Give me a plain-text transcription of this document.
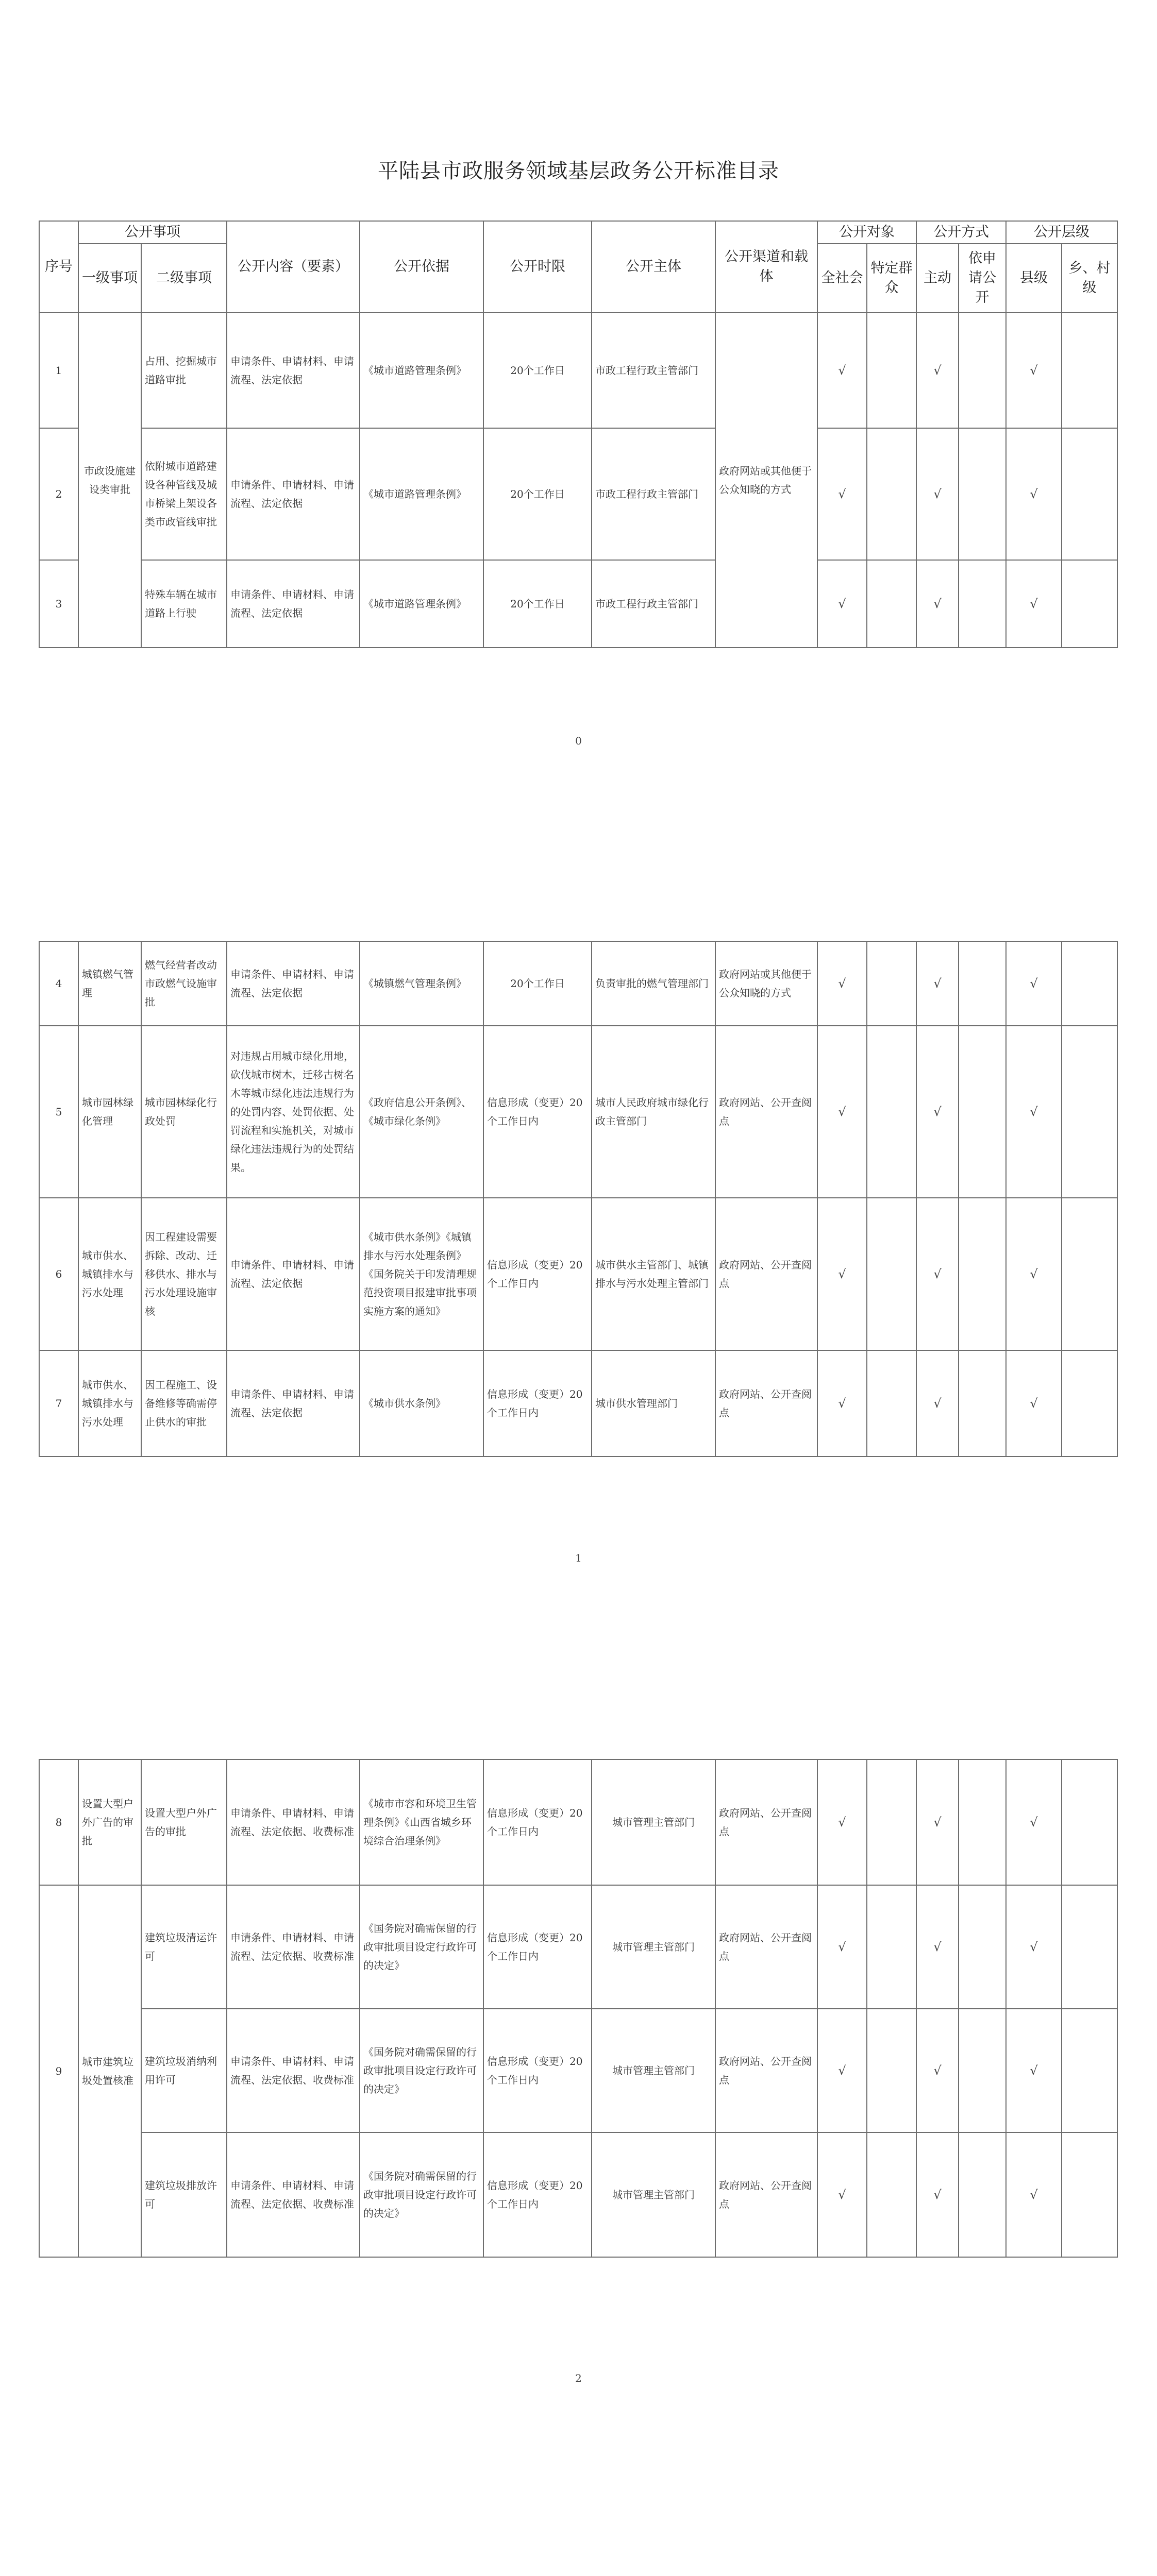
平陆县市政服务领域基层政务公开标准目录
序号	公开事项		公开内容（要素）	公开依据	公开时限	公开主体	公开渠道和载体	公开对象		公开方式		公开层级	
	一级事项	二级事项						全社会	特定群众	主动	依申请公开	县级	乡、村级
1	市政设施建设类审批	占用、挖掘城市道路审批	申请条件、申请材料、申请流程、法定依据	《城市道路管理条例》	20个工作日	市政工程行政主管部门	政府网站或其他便于公众知晓的方式	√		√		√	
2		依附城市道路建设各种管线及城市桥梁上架设各类市政管线审批	申请条件、申请材料、申请流程、法定依据	《城市道路管理条例》	20个工作日	市政工程行政主管部门		√		√		√	
3		特殊车辆在城市道路上行驶	申请条件、申请材料、申请流程、法定依据	《城市道路管理条例》	20个工作日	市政工程行政主管部门		√		√		√	
0
4	城镇燃气管理	燃气经营者改动市政燃气设施审批	申请条件、申请材料、申请流程、法定依据	《城镇燃气管理条例》	20个工作日	负责审批的燃气管理部门	政府网站或其他便于公众知晓的方式	√		√		√	
5	城市园林绿化管理	城市园林绿化行政处罚	对违规占用城市绿化用地，砍伐城市树木，迁移古树名木等城市绿化违法违规行为的处罚内容、处罚依据、处罚流程和实施机关，对城市绿化违法违规行为的处罚结果。	《政府信息公开条例》、《城市绿化条例》	信息形成（变更）20个工作日内	城市人民政府城市绿化行政主管部门	政府网站、公开查阅点	√		√		√	
6	城市供水、城镇排水与污水处理	因工程建设需要拆除、改动、迁移供水、排水与污水处理设施审核	申请条件、申请材料、申请流程、法定依据	《城市供水条例》《城镇排水与污水处理条例》《国务院关于印发清理规范投资项目报建审批事项实施方案的通知》	信息形成（变更）20个工作日内	城市供水主管部门、城镇排水与污水处理主管部门	政府网站、公开查阅点	√		√		√	
7	城市供水、城镇排水与污水处理	因工程施工、设备维修等确需停止供水的审批	申请条件、申请材料、申请流程、法定依据	《城市供水条例》	信息形成（变更）20个工作日内	城市供水管理部门	政府网站、公开查阅点	√		√		√	
1
8	设置大型户外广告的审批	设置大型户外广告的审批	申请条件、申请材料、申请流程、法定依据、收费标准	《城市市容和环境卫生管理条例》《山西省城乡环境综合治理条例》	信息形成（变更）20个工作日内	城市管理主管部门	政府网站、公开查阅点	√		√		√	
9	城市建筑垃圾处置核准	建筑垃圾清运许可	申请条件、申请材料、申请流程、法定依据、收费标准	《国务院对确需保留的行政审批项目设定行政许可的决定》	信息形成（变更）20个工作日内	城市管理主管部门	政府网站、公开查阅点	√		√		√	
		建筑垃圾消纳利用许可	申请条件、申请材料、申请流程、法定依据、收费标准	《国务院对确需保留的行政审批项目设定行政许可的决定》	信息形成（变更）20个工作日内	城市管理主管部门	政府网站、公开查阅点	√		√		√	
		建筑垃圾排放许可	申请条件、申请材料、申请流程、法定依据、收费标准	《国务院对确需保留的行政审批项目设定行政许可的决定》	信息形成（变更）20个工作日内	城市管理主管部门	政府网站、公开查阅点	√		√		√	
2
